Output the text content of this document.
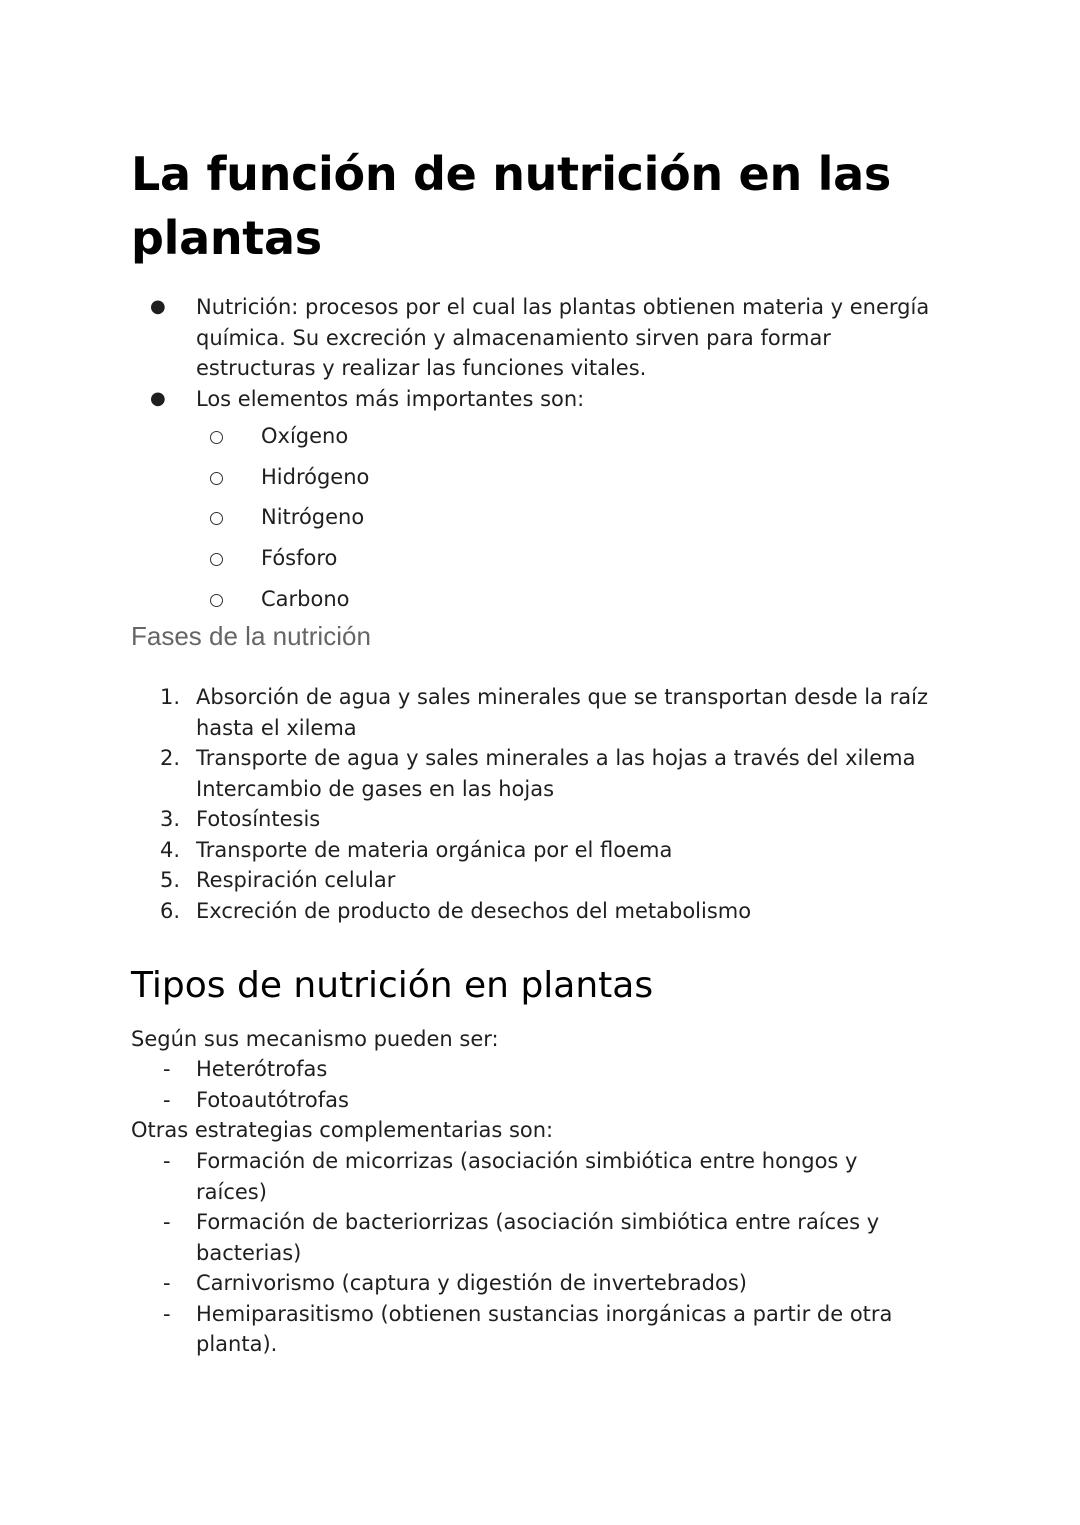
La función de nutrición en las plantas
●	Nutrición: procesos por el cual las plantas obtienen materia y energía química. Su excreción y almacenamiento sirven para formar estructuras y realizar las funciones vitales.
●	Los elementos más importantes son:
Oxígeno
Hidrógeno
Nitrógeno
Fósforo
Carbono
Fases de la nutrición
1. Absorción de agua y sales minerales que se transportan desde la raíz hasta el xilema
2. Transporte de agua y sales minerales a las hojas a través del xilema Intercambio de gases en las hojas
3. Fotosíntesis
4. Transporte de materia orgánica por el floema
5. Respiración celular
6. Excreción de producto de desechos del metabolismo
Tipos de nutrición en plantas
Según sus mecanismo pueden ser:
-	Heterótrofas
-	Fotoautótrofas
Otras estrategias complementarias son:
-	Formación de micorrizas (asociación simbiótica entre hongos y raíces)
-	Formación de bacteriorrizas (asociación simbiótica entre raíces y bacterias)
-	Carnivorismo (captura y digestión de invertebrados)
-	Hemiparasitismo (obtienen sustancias inorgánicas a partir de otra planta).
